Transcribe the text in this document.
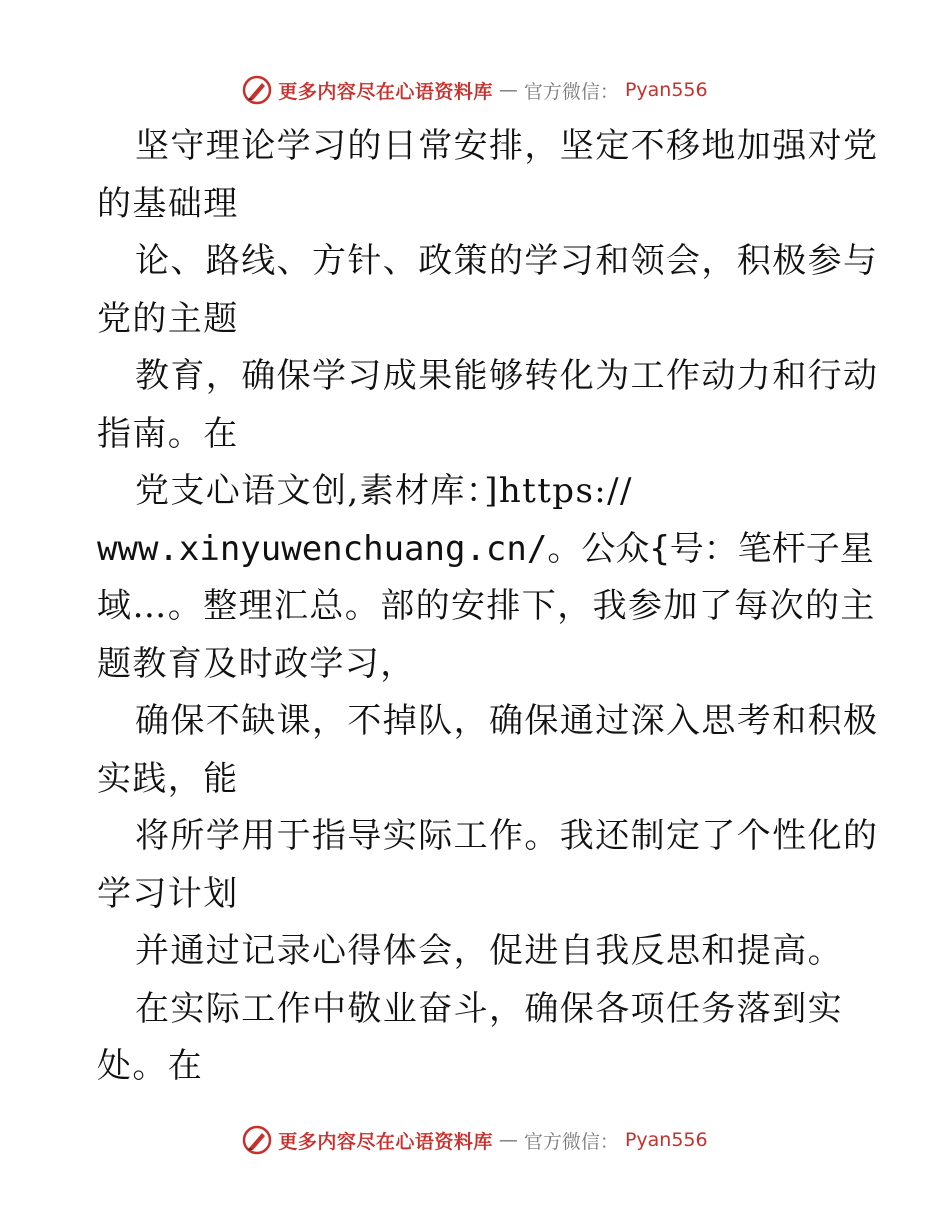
更多内容尽在心语资料库 — 官方微信： Pyan556
坚守理论学习的日常安排，坚定不移地加强对党
的基础理
论、路线、方针、政策的学习和领会，积极参与
党的主题
教育，确保学习成果能够转化为工作动力和行动
指南。在
党支心语文创,素材库：]https://
www.xinyuwenchuang.cn/。公众{号：笔杆子星
域…。整理汇总。部的安排下，我参加了每次的主
题教育及时政学习，
确保不缺课，不掉队，确保通过深入思考和积极
实践，能
将所学用于指导实际工作。我还制定了个性化的
学习计划
并通过记录心得体会，促进自我反思和提高。
在实际工作中敬业奋斗，确保各项任务落到实
处。在
更多内容尽在心语资料库 — 官方微信： Pyan556
